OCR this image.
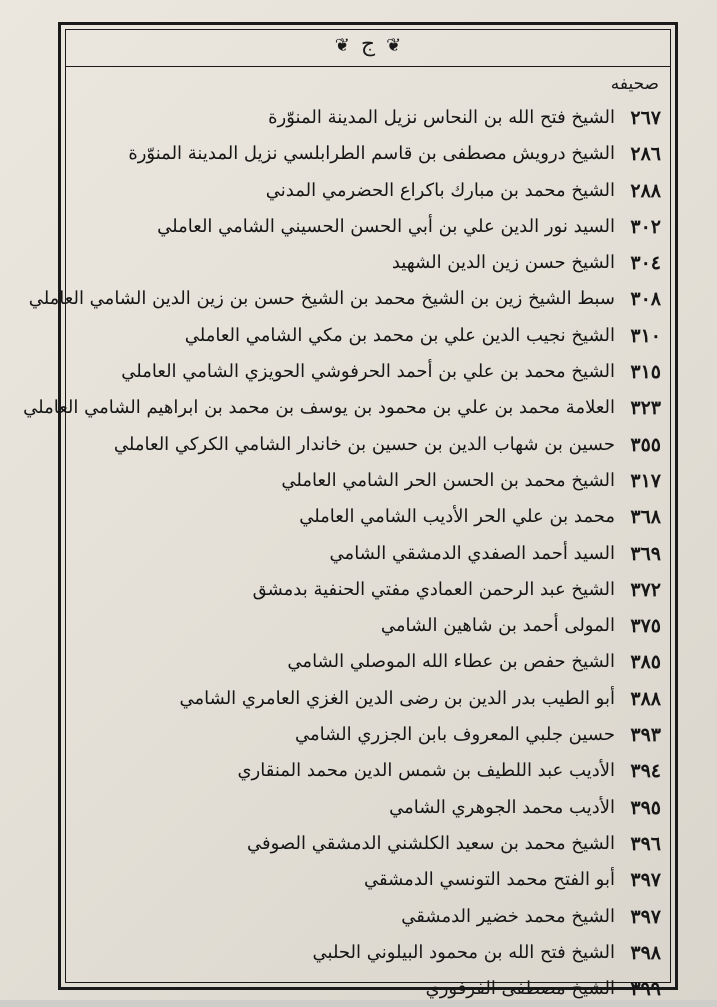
❦ ج ❦
صحيفه
٢٦٧
الشيخ فتح الله بن النحاس نزيل المدينة المنوّرة
٢٨٦
الشيخ درويش مصطفى بن قاسم الطرابلسي نزيل المدينة المنوّرة
٢٨٨
الشيخ محمد بن مبارك باكراع الحضرمي المدني
٣٠٢
السيد نور الدين علي بن أبي الحسن الحسيني الشامي العاملي
٣٠٤
الشيخ حسن زين الدين الشهيد
٣٠٨
سبط الشيخ زين بن الشيخ محمد بن الشيخ حسن بن زين الدين الشامي العاملي
٣١٠
الشيخ نجيب الدين علي بن محمد بن مكي الشامي العاملي
٣١٥
الشيخ محمد بن علي بن أحمد الحرفوشي الحويزي الشامي العاملي
٣٢٣
العلامة محمد بن علي بن محمود بن يوسف بن محمد بن ابراهيم الشامي العاملي
٣٥٥
حسين بن شهاب الدين بن حسين بن خاندار الشامي الكركي العاملي
٣١٧
الشيخ محمد بن الحسن الحر الشامي العاملي
٣٦٨
محمد بن علي الحر الأديب الشامي العاملي
٣٦٩
السيد أحمد الصفدي الدمشقي الشامي
٣٧٢
الشيخ عبد الرحمن العمادي مفتي الحنفية بدمشق
٣٧٥
المولى أحمد بن شاهين الشامي
٣٨٥
الشيخ حفص بن عطاء الله الموصلي الشامي
٣٨٨
أبو الطيب بدر الدين بن رضى الدين الغزي العامري الشامي
٣٩٣
حسين جلبي المعروف بابن الجزري الشامي
٣٩٤
الأديب عبد اللطيف بن شمس الدين محمد المنقاري
٣٩٥
الأديب محمد الجوهري الشامي
٣٩٦
الشيخ محمد بن سعيد الكلشني الدمشقي الصوفي
٣٩٧
أبو الفتح محمد التونسي الدمشقي
٣٩٧
الشيخ محمد خضير الدمشقي
٣٩٨
الشيخ فتح الله بن محمود البيلوني الحلبي
٣٩٩
الشيخ مصطفى الفرفوري
